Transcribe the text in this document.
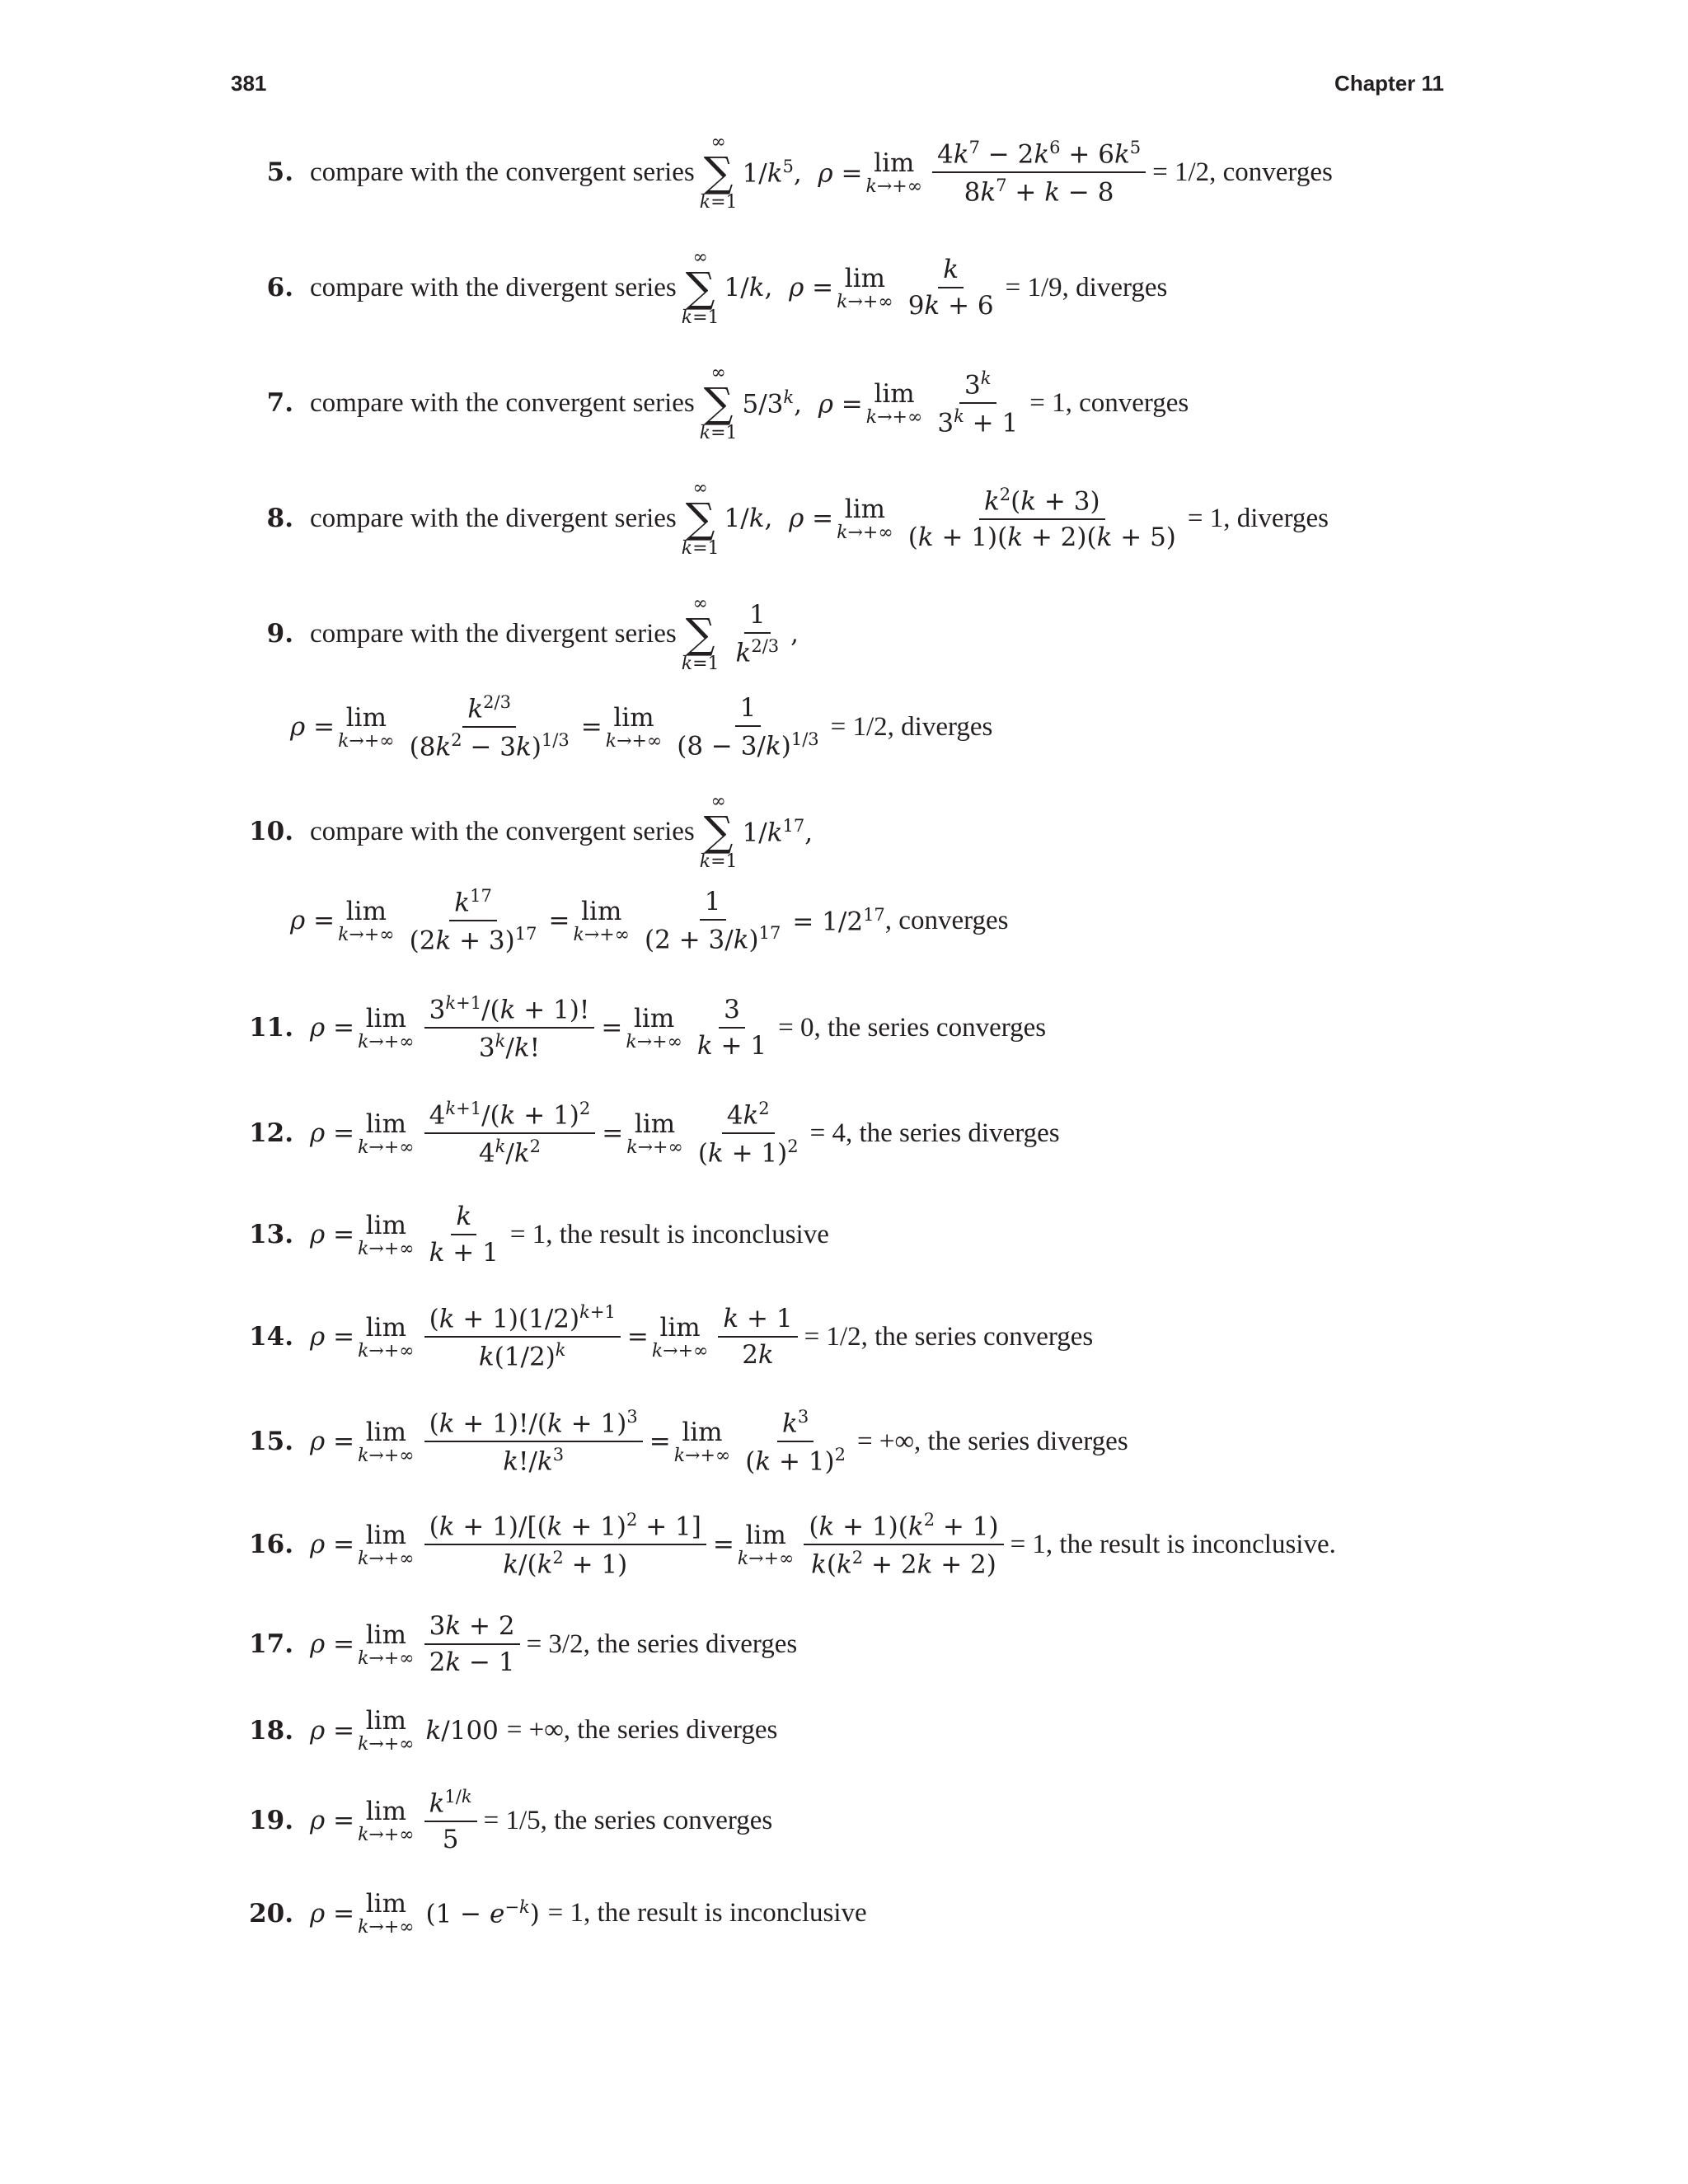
381	Chapter 11
5. compare with the convergent series
∞
∑
k=1
$1/k^5$,  ρ = lim
$k\to+\infty \frac{4k^7 - 2k^6 + 6k^5}{8k^7 + k - 8} = 1/2$, converges
6. compare with the divergent series
∞
∑
k=1
1/k,  ρ = lim
$k\to+\infty \frac{k}{9k + 6} = 1/9$, diverges
7. compare with the convergent series
∞
∑
k=1
5/3$^k$,  ρ = lim
$k\to+\infty \frac{3^k}{3^k + 1} = 1$, converges
8. compare with the divergent series
∞
∑
k=1
1/k,  ρ = lim
$k\to+\infty \frac{k^2(k + 3)}{(k + 1)(k + 2)(k + 5)} = 1$, diverges
9. compare with the divergent series
∞
∑
$k=1 \frac{1}{k^{2/3}}$ ,
ρ = lim
$k\to+\infty \frac{k^{2/3}}{(8k^2 - 3k)^{1/3}} = \lim$
$k\to+\infty \frac{1}{(8 - 3/k)^{1/3}} = 1/2$, diverges
10. compare with the convergent series
∞
∑
k=1
$1/k^{17}$,
ρ = lim
$k\to+\infty \frac{k^{17}}{(2k + 3)^{17}} = \lim$
$k\to+\infty \frac{1}{(2 + 3/k)^{17}} = 1/2^{17}$ , converges
11. ρ = lim
$k\to+\infty \frac{3^{k+1}/(k + 1)!}{3^k/k!} = \lim$
$k\to+\infty \frac{3}{k + 1} = 0$, the series converges
12. ρ = lim
$k\to+\infty \frac{4^{k+1}/(k + 1)^2}{4^k/k^2} = \lim$
$k\to+\infty \frac{4k^2}{(k + 1)^2} = 4$, the series diverges
13. ρ = lim
$k\to+\infty \frac{k}{k + 1} = 1$, the result is inconclusive
14. ρ = lim
$k\to+\infty \frac{(k + 1)(1/2)^{k+1}}{k(1/2)^k} = \lim$
$k\to+\infty \frac{k + 1}{2k} = 1/2$, the series converges
15. ρ = lim
$k\to+\infty \frac{(k + 1)!/(k + 1)^3}{k!/k^3} = \lim$
$k\to+\infty \frac{k^3}{(k + 1)^2}$ = +∞, the series diverges
16. ρ = lim
$k\to+\infty \frac{(k + 1)/[(k + 1)^2 + 1]}{k/(k^2 + 1)} = \lim$
$k\to+\infty \frac{(k + 1)(k^2 + 1)}{k(k^2 + 2k + 2)} = 1$, the result is inconclusive.
17. ρ = lim
$k\to+\infty \frac{3k + 2}{2k - 1} = 3/2$, the series diverges
18. ρ = lim
k→+∞ k/100 = +∞, the series diverges
19. ρ = lim
$k\to+\infty \frac{k^{1/k}}{5} = 1/5$, the series converges
20. ρ = lim
k→+∞ $(1 - e^{-k}) = 1$, the result is inconclusive
